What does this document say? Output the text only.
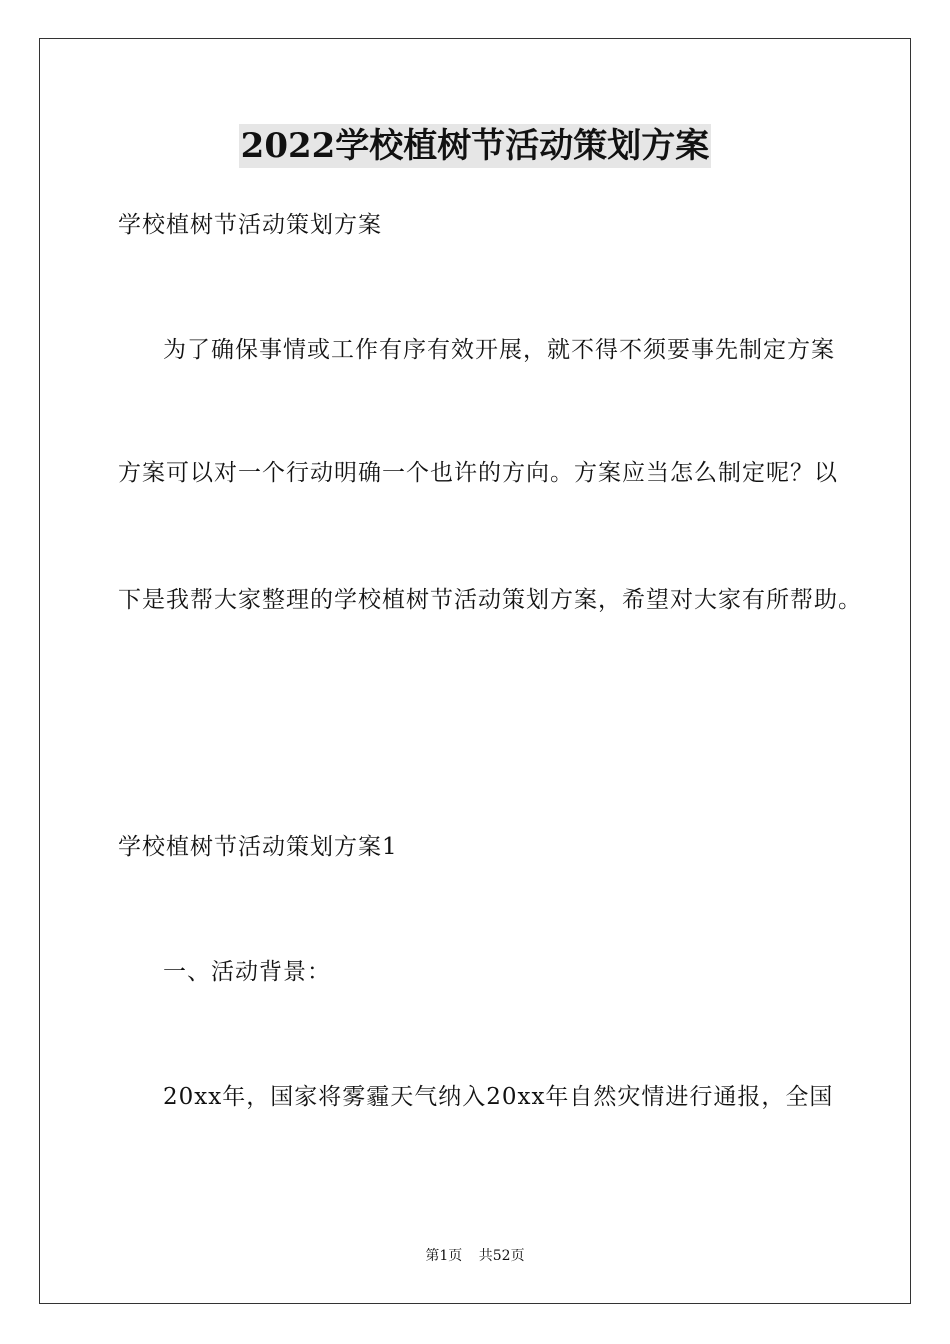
2022学校植树节活动策划方案
学校植树节活动策划方案
为了确保事情或工作有序有效开展，就不得不须要事先制定方案
方案可以对一个行动明确一个也许的方向。方案应当怎么制定呢？以
下是我帮大家整理的学校植树节活动策划方案，希望对大家有所帮助。
学校植树节活动策划方案1
一、活动背景：
20xx年，国家将雾霾天气纳入20xx年自然灾情进行通报，全国
第1页 共52页
